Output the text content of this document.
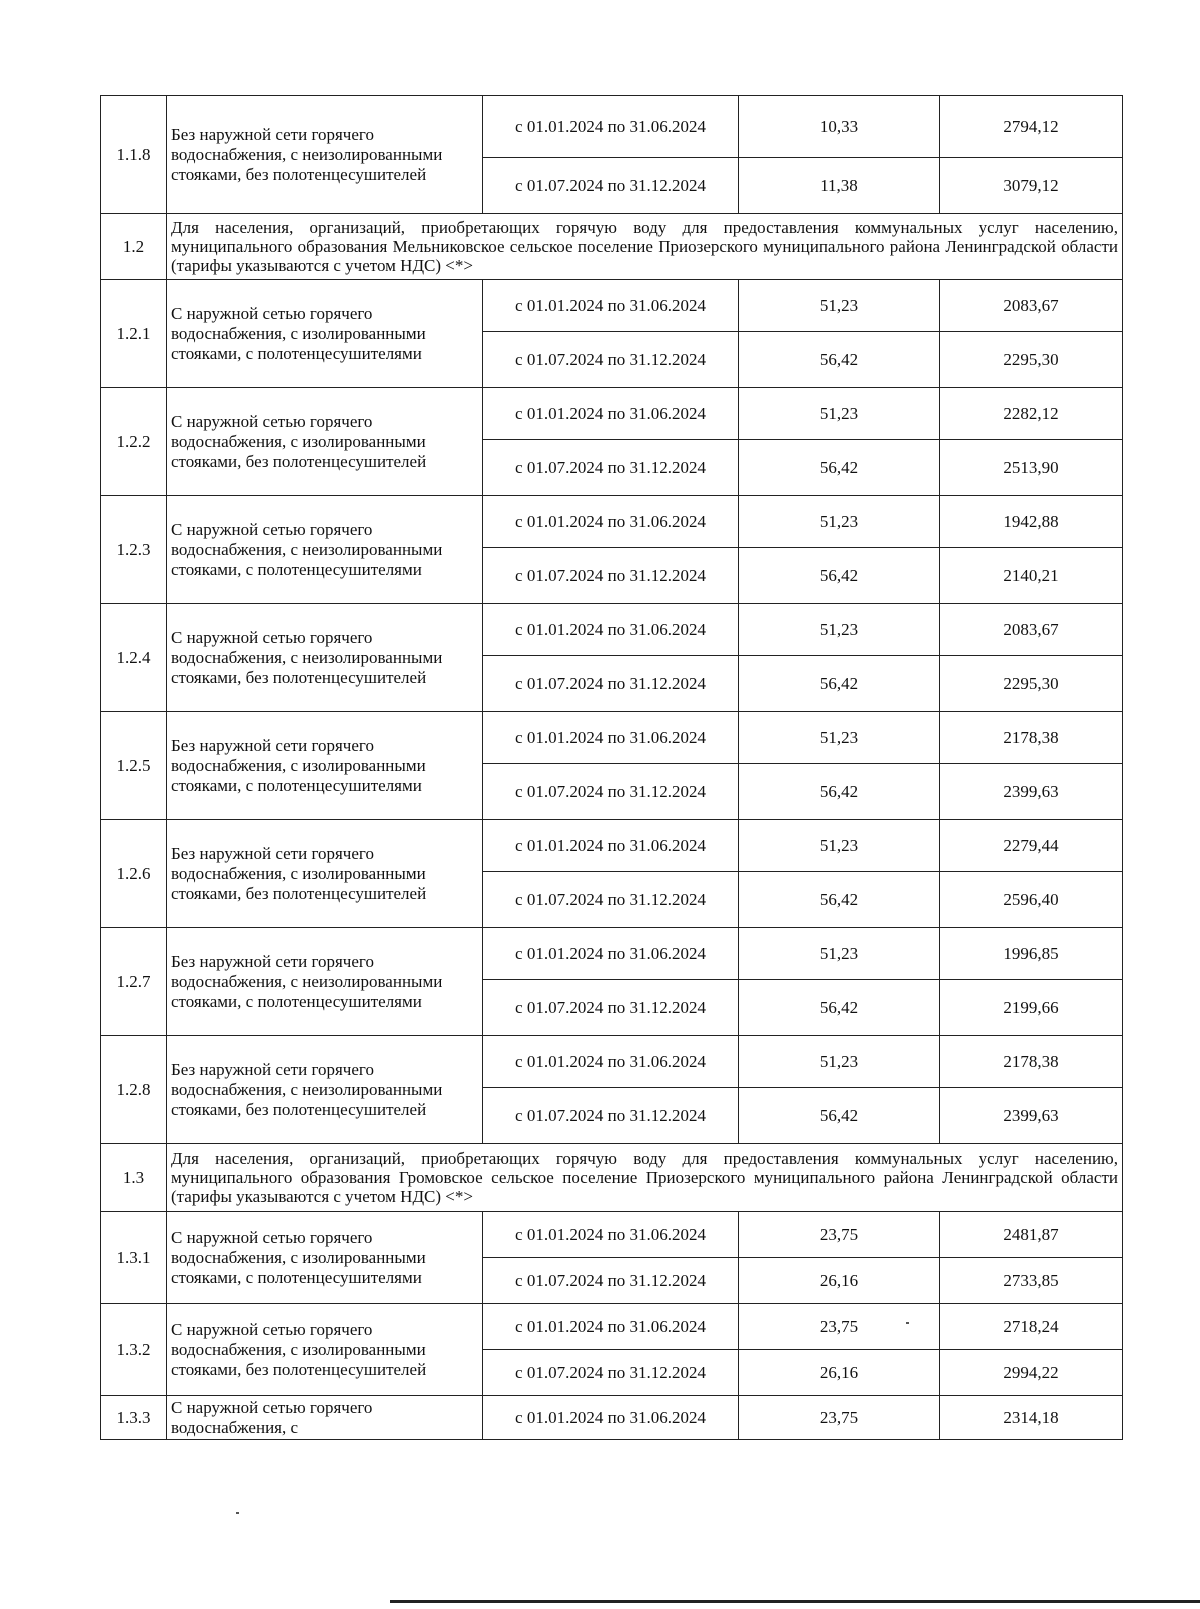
1.1.8	Без наружной сети горячего водоснабжения, с неизолированными стояками, без полотенцесушителей	с 01.01.2024 по 31.06.2024	10,33	2794,12
		с 01.07.2024 по 31.12.2024	11,38	3079,12
1.2	Для населения, организаций, приобретающих горячую воду для предоставления коммунальных услуг населению, муниципального образования Мельниковское сельское поселение Приозерского муниципального района Ленинградской области (тарифы указываются с учетом НДС) <*>			
1.2.1	С наружной сетью горячего водоснабжения, с изолированными стояками, с полотенцесушителями	с 01.01.2024 по 31.06.2024	51,23	2083,67
		с 01.07.2024 по 31.12.2024	56,42	2295,30
1.2.2	С наружной сетью горячего водоснабжения, с изолированными стояками, без полотенцесушителей	с 01.01.2024 по 31.06.2024	51,23	2282,12
		с 01.07.2024 по 31.12.2024	56,42	2513,90
1.2.3	С наружной сетью горячего водоснабжения, с неизолированными стояками, с полотенцесушителями	с 01.01.2024 по 31.06.2024	51,23	1942,88
		с 01.07.2024 по 31.12.2024	56,42	2140,21
1.2.4	С наружной сетью горячего водоснабжения, с неизолированными стояками, без полотенцесушителей	с 01.01.2024 по 31.06.2024	51,23	2083,67
		с 01.07.2024 по 31.12.2024	56,42	2295,30
1.2.5	Без наружной сети горячего водоснабжения, с изолированными стояками, с полотенцесушителями	с 01.01.2024 по 31.06.2024	51,23	2178,38
		с 01.07.2024 по 31.12.2024	56,42	2399,63
1.2.6	Без наружной сети горячего водоснабжения, с изолированными стояками, без полотенцесушителей	с 01.01.2024 по 31.06.2024	51,23	2279,44
		с 01.07.2024 по 31.12.2024	56,42	2596,40
1.2.7	Без наружной сети горячего водоснабжения, с неизолированными стояками, с полотенцесушителями	с 01.01.2024 по 31.06.2024	51,23	1996,85
		с 01.07.2024 по 31.12.2024	56,42	2199,66
1.2.8	Без наружной сети горячего водоснабжения, с неизолированными стояками, без полотенцесушителей	с 01.01.2024 по 31.06.2024	51,23	2178,38
		с 01.07.2024 по 31.12.2024	56,42	2399,63
1.3	Для населения, организаций, приобретающих горячую воду для предоставления коммунальных услуг населению, муниципального образования Громовское сельское поселение Приозерского муниципального района Ленинградской области (тарифы указываются с учетом НДС) <*>			
1.3.1	С наружной сетью горячего водоснабжения, с изолированными стояками, с полотенцесушителями	с 01.01.2024 по 31.06.2024	23,75	2481,87
		с 01.07.2024 по 31.12.2024	26,16	2733,85
1.3.2	С наружной сетью горячего водоснабжения, с изолированными стояками, без полотенцесушителей	с 01.01.2024 по 31.06.2024	23,75	2718,24
		с 01.07.2024 по 31.12.2024	26,16	2994,22
1.3.3	С наружной сетью горячего водоснабжения, с	с 01.01.2024 по 31.06.2024	23,75	2314,18
